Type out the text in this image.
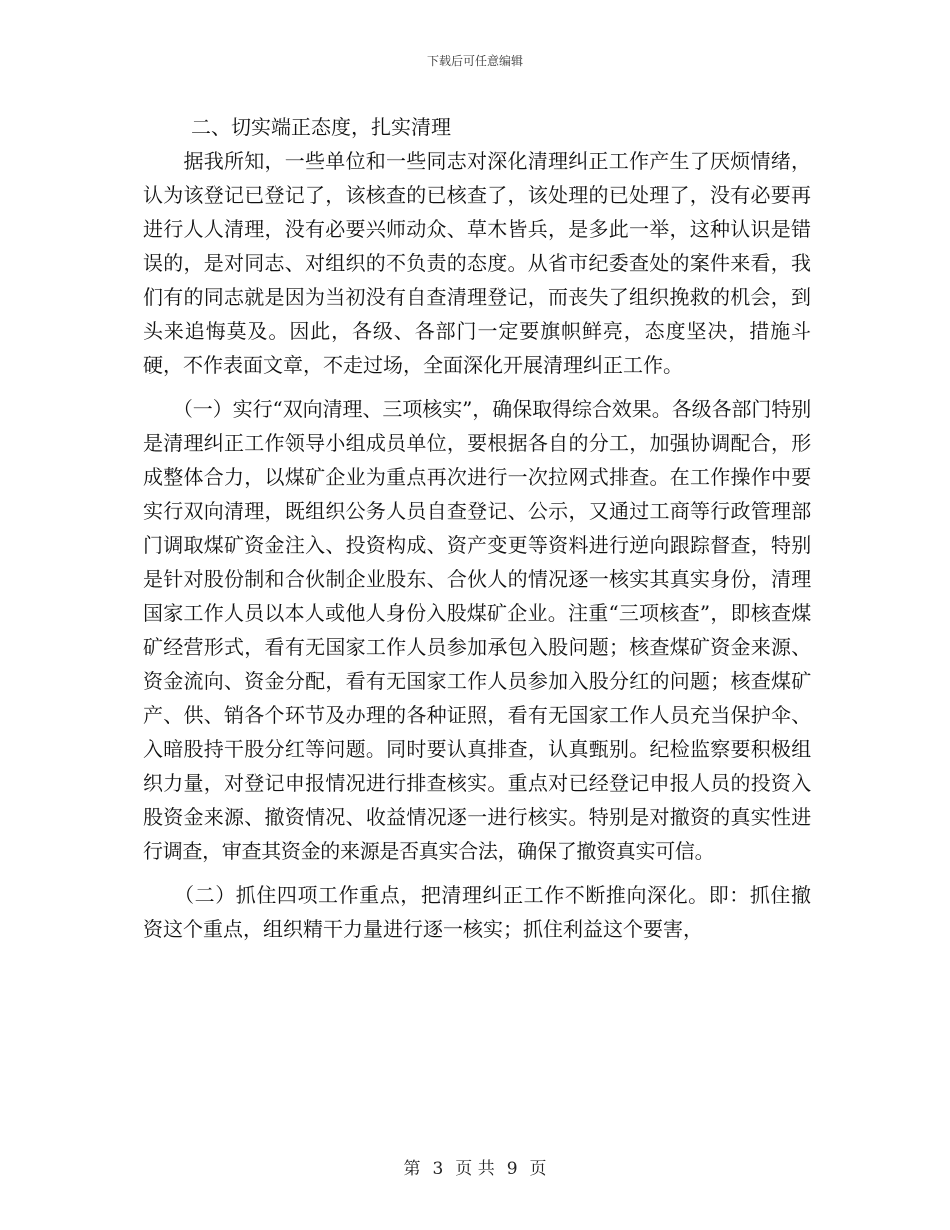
下载后可任意编辑

二、切实端正态度，扎实清理

　　据我所知，一些单位和一些同志对深化清理纠正工作产生了厌烦情绪，认为该登记已登记了，该核查的已核查了，该处理的已处理了，没有必要再进行人人清理，没有必要兴师动众、草木皆兵，是多此一举，这种认识是错误的，是对同志、对组织的不负责的态度。从省市纪委查处的案件来看，我们有的同志就是因为当初没有自查清理登记，而丧失了组织挽救的机会，到头来追悔莫及。因此，各级、各部门一定要旗帜鲜亮，态度坚决，措施斗硬，不作表面文章，不走过场，全面深化开展清理纠正工作。

　　（一）实行“双向清理、三项核实”，确保取得综合效果。各级各部门特别是清理纠正工作领导小组成员单位，要根据各自的分工，加强协调配合，形成整体合力，以煤矿企业为重点再次进行一次拉网式排查。在工作操作中要实行双向清理，既组织公务人员自查登记、公示，又通过工商等行政管理部门调取煤矿资金注入、投资构成、资产变更等资料进行逆向跟踪督查，特别是针对股份制和合伙制企业股东、合伙人的情况逐一核实其真实身份，清理国家工作人员以本人或他人身份入股煤矿企业。注重“三项核查”，即核查煤矿经营形式，看有无国家工作人员参加承包入股问题；核查煤矿资金来源、资金流向、资金分配，看有无国家工作人员参加入股分红的问题；核查煤矿产、供、销各个环节及办理的各种证照，看有无国家工作人员充当保护伞、入暗股持干股分红等问题。同时要认真排查，认真甄别。纪检监察要积极组织力量，对登记申报情况进行排查核实。重点对已经登记申报人员的投资入股资金来源、撤资情况、收益情况逐一进行核实。特别是对撤资的真实性进行调查，审查其资金的来源是否真实合法，确保了撤资真实可信。

　　（二）抓住四项工作重点，把清理纠正工作不断推向深化。即：抓住撤资这个重点，组织精干力量进行逐一核实；抓住利益这个要害，

第 3 页 共 9 页
